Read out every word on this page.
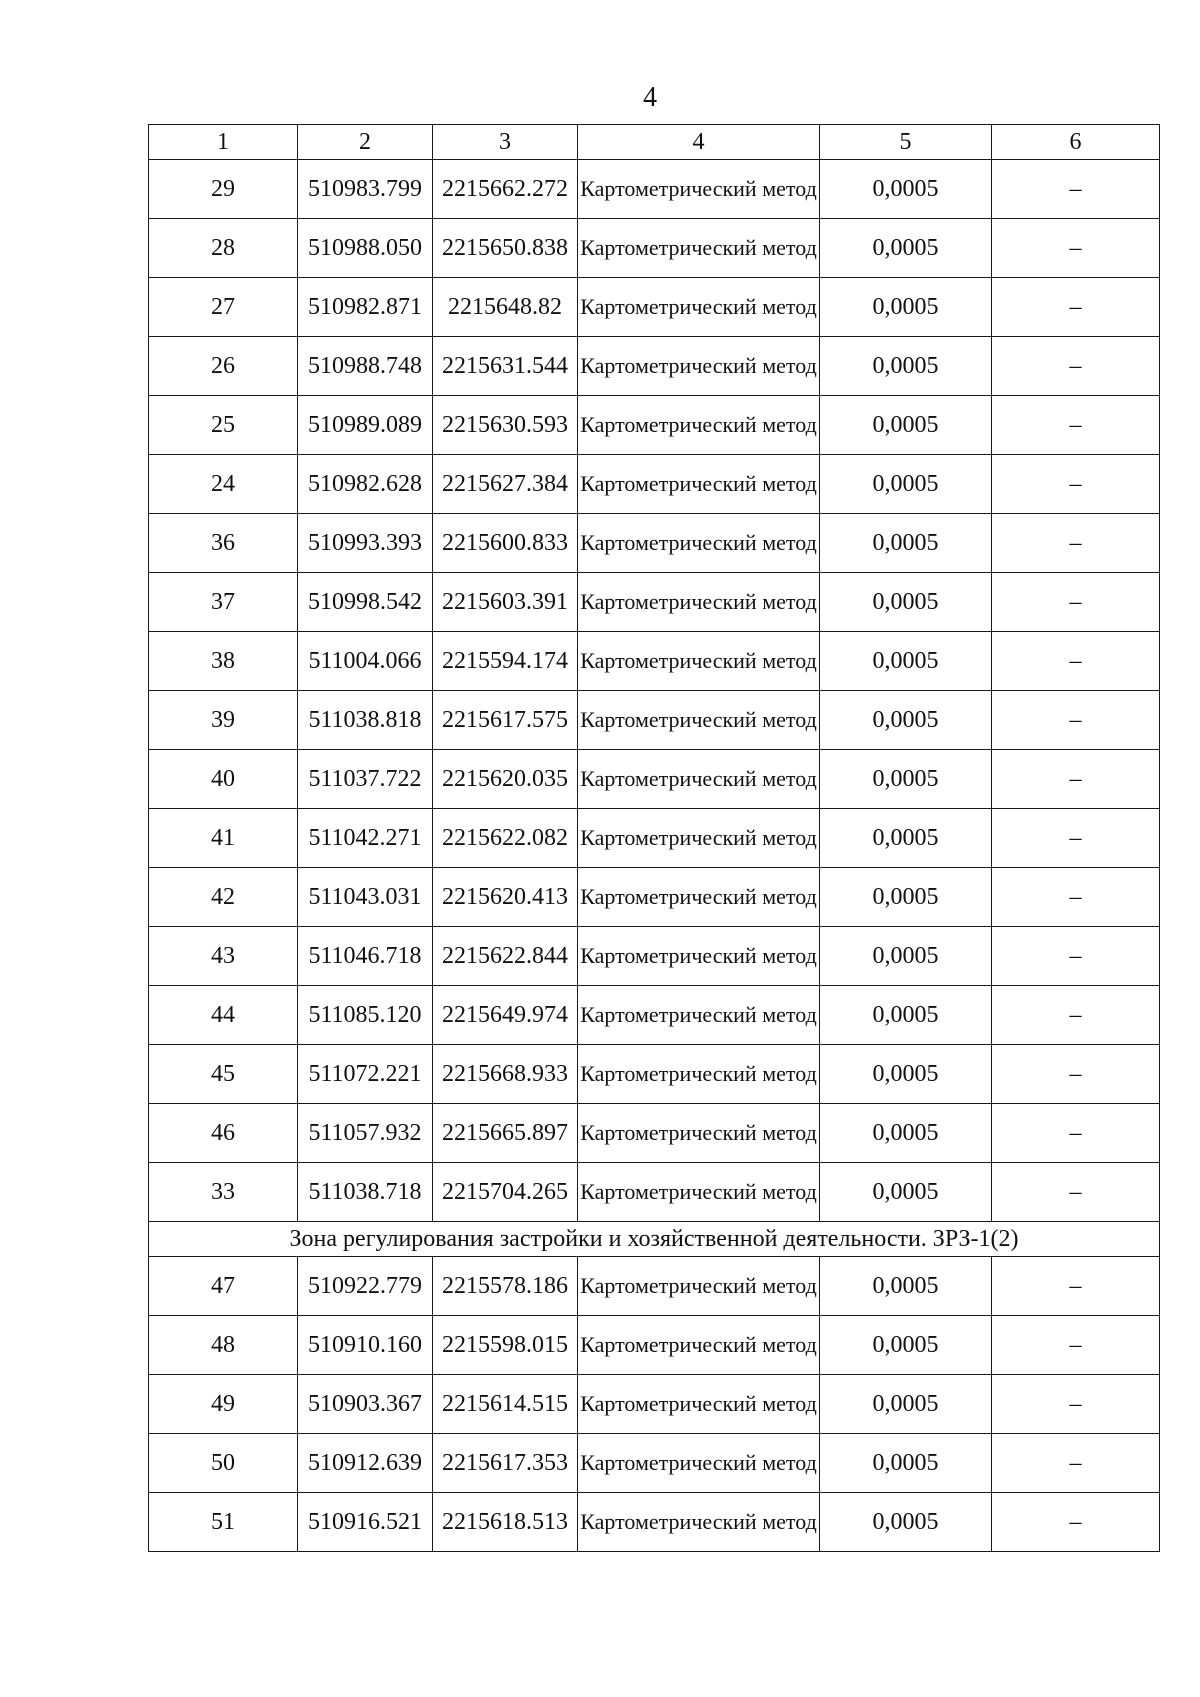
4
1	2	3	4	5	6
29	510983.799	2215662.272	Картометрический метод	0,0005	–
28	510988.050	2215650.838	Картометрический метод	0,0005	–
27	510982.871	2215648.82	Картометрический метод	0,0005	–
26	510988.748	2215631.544	Картометрический метод	0,0005	–
25	510989.089	2215630.593	Картометрический метод	0,0005	–
24	510982.628	2215627.384	Картометрический метод	0,0005	–
36	510993.393	2215600.833	Картометрический метод	0,0005	–
37	510998.542	2215603.391	Картометрический метод	0,0005	–
38	511004.066	2215594.174	Картометрический метод	0,0005	–
39	511038.818	2215617.575	Картометрический метод	0,0005	–
40	511037.722	2215620.035	Картометрический метод	0,0005	–
41	511042.271	2215622.082	Картометрический метод	0,0005	–
42	511043.031	2215620.413	Картометрический метод	0,0005	–
43	511046.718	2215622.844	Картометрический метод	0,0005	–
44	511085.120	2215649.974	Картометрический метод	0,0005	–
45	511072.221	2215668.933	Картометрический метод	0,0005	–
46	511057.932	2215665.897	Картометрический метод	0,0005	–
33	511038.718	2215704.265	Картометрический метод	0,0005	–
Зона регулирования застройки и хозяйственной деятельности. ЗРЗ-1(2)					
47	510922.779	2215578.186	Картометрический метод	0,0005	–
48	510910.160	2215598.015	Картометрический метод	0,0005	–
49	510903.367	2215614.515	Картометрический метод	0,0005	–
50	510912.639	2215617.353	Картометрический метод	0,0005	–
51	510916.521	2215618.513	Картометрический метод	0,0005	–
